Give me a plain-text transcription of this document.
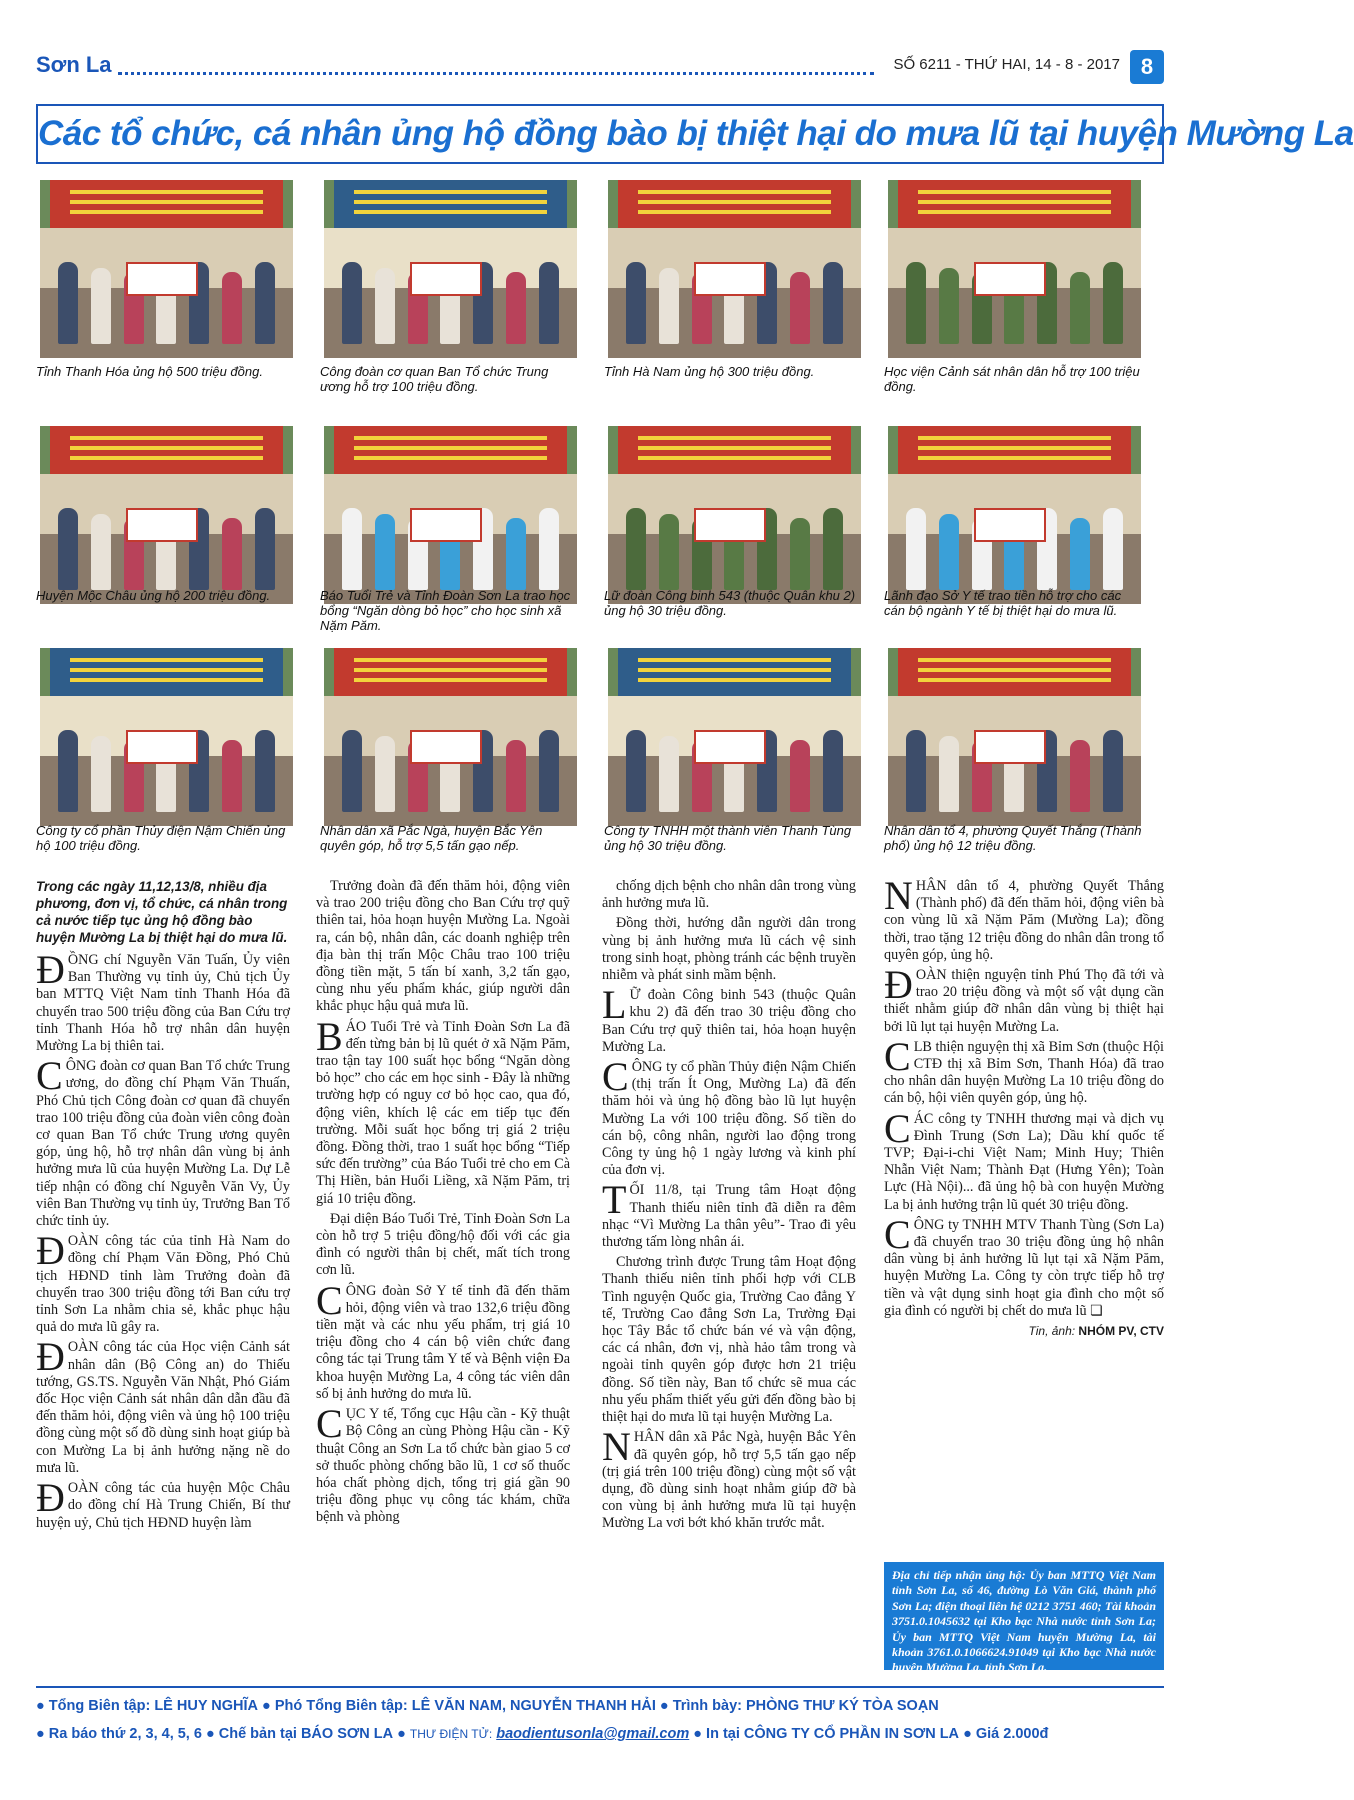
Sơn La	SỐ 6211 - THỨ HAI, 14 - 8 - 2017 8
Các tổ chức, cá nhân ủng hộ đồng bào bị thiệt hại do mưa lũ tại huyện Mường La
Tỉnh Thanh Hóa ủng hộ 500 triệu đồng.	Công đoàn cơ quan Ban Tổ chức Trung ương hỗ trợ 100 triệu đồng.
Tỉnh Hà Nam ủng hộ 300 triệu đồng.	Học viện Cảnh sát nhân dân hỗ trợ 100 triệu đồng.
Huyện Mộc Châu ủng hộ 200 triệu đồng.	Báo Tuổi Trẻ và Tỉnh Đoàn Sơn La trao học bổng “Ngăn dòng bỏ học” cho học sinh xã Nặm Păm.
Lữ đoàn Công binh 543 (thuộc Quân khu 2) ủng hộ 30 triệu đồng.
Lãnh đạo Sở Y tế trao tiền hỗ trợ cho các cán bộ ngành Y tế bị thiệt hại do mưa lũ.
Công ty cổ phần Thủy điện Nậm Chiến ủng hộ 100 triệu đồng.
Nhân dân xã Pắc Ngà, huyện Bắc Yên quyên góp, hỗ trợ 5,5 tấn gạo nếp.
Công ty TNHH một thành viên Thanh Tùng ủng hộ 30 triệu đồng.
Nhân dân tổ 4, phường Quyết Thắng (Thành phố) ủng hộ 12 triệu đồng.

Trong các ngày 11,12,13/8, nhiều địa phương, đơn vị, tổ chức, cá nhân trong cả nước tiếp tục ủng hộ đồng bào huyện Mường La bị thiệt hại do mưa lũ.

ĐỒNG chí Nguyễn Văn Tuấn, Ủy viên Ban Thường vụ tỉnh ủy, Chủ tịch Ủy ban MTTQ Việt Nam tỉnh Thanh Hóa đã chuyển trao 500 triệu đồng của Ban Cứu trợ tỉnh Thanh Hóa hỗ trợ nhân dân huyện Mường La bị thiên tai.

CÔNG đoàn cơ quan Ban Tổ chức Trung ương, do đồng chí Phạm Văn Thuấn, Phó Chủ tịch Công đoàn cơ quan đã chuyển trao 100 triệu đồng của đoàn viên công đoàn cơ quan Ban Tổ chức Trung ương quyên góp, ủng hộ, hỗ trợ nhân dân vùng bị ảnh hưởng mưa lũ của huyện Mường La. Dự Lễ tiếp nhận có đồng chí Nguyễn Văn Vy, Ủy viên Ban Thường vụ tỉnh ủy, Trưởng Ban Tổ chức tỉnh ủy.

ĐOÀN công tác của tỉnh Hà Nam do đồng chí Phạm Văn Đồng, Phó Chủ tịch HĐND tỉnh làm Trưởng đoàn đã chuyển trao 300 triệu đồng tới Ban cứu trợ tỉnh Sơn La nhằm chia sẻ, khắc phục hậu quả do mưa lũ gây ra.

ĐOÀN công tác của Học viện Cảnh sát nhân dân (Bộ Công an) do Thiếu tướng, GS.TS. Nguyễn Văn Nhật, Phó Giám đốc Học viện Cảnh sát nhân dân dẫn đầu đã đến thăm hỏi, động viên và ủng hộ 100 triệu đồng cùng một số đồ dùng sinh hoạt giúp bà con Mường La bị ảnh hưởng nặng nề do mưa lũ.

ĐOÀN công tác của huyện Mộc Châu do đồng chí Hà Trung Chiến, Bí thư huyện uỷ, Chủ tịch HĐND huyện làm

Trưởng đoàn đã đến thăm hỏi, động viên và trao 200 triệu đồng cho Ban Cứu trợ quỹ thiên tai, hỏa hoạn huyện Mường La. Ngoài ra, cán bộ, nhân dân, các doanh nghiệp trên địa bàn thị trấn Mộc Châu trao 100 triệu đồng tiền mặt, 5 tấn bí xanh, 3,2 tấn gạo, cùng nhu yếu phẩm khác, giúp người dân khắc phục hậu quả mưa lũ.

BÁO Tuổi Trẻ và Tỉnh Đoàn Sơn La đã đến từng bản bị lũ quét ở xã Nặm Păm, trao tận tay 100 suất học bổng “Ngăn dòng bỏ học” cho các em học sinh - Đây là những trường hợp có nguy cơ bỏ học cao, qua đó, động viên, khích lệ các em tiếp tục đến trường. Mỗi suất học bổng trị giá 2 triệu đồng. Đồng thời, trao 1 suất học bổng “Tiếp sức đến trường” của Báo Tuổi trẻ cho em Cà Thị Hiền, bản Huổi Liềng, xã Nặm Păm, trị giá 10 triệu đồng.

Đại diện Báo Tuổi Trẻ, Tỉnh Đoàn Sơn La còn hỗ trợ 5 triệu đồng/hộ đối với các gia đình có người thân bị chết, mất tích trong cơn lũ.

CÔNG đoàn Sở Y tế tỉnh đã đến thăm hỏi, động viên và trao 132,6 triệu đồng tiền mặt và các nhu yếu phẩm, trị giá 10 triệu đồng cho 4 cán bộ viên chức đang công tác tại Trung tâm Y tế và Bệnh viện Đa khoa huyện Mường La, 4 công tác viên dân số bị ảnh hưởng do mưa lũ.

CỤC Y tế, Tổng cục Hậu cần - Kỹ thuật Bộ Công an cùng Phòng Hậu cần - Kỹ thuật Công an Sơn La tổ chức bàn giao 5 cơ sở thuốc phòng chống bão lũ, 1 cơ số thuốc hóa chất phòng dịch, tổng trị giá gần 90 triệu đồng phục vụ công tác khám, chữa bệnh và phòng

chống dịch bệnh cho nhân dân trong vùng ảnh hưởng mưa lũ.

Đồng thời, hướng dẫn người dân trong vùng bị ảnh hưởng mưa lũ cách vệ sinh trong sinh hoạt, phòng tránh các bệnh truyền nhiễm và phát sinh mầm bệnh.

LỮ đoàn Công binh 543 (thuộc Quân khu 2) đã đến trao 30 triệu đồng cho Ban Cứu trợ quỹ thiên tai, hỏa hoạn huyện Mường La.

CÔNG ty cổ phần Thủy điện Nậm Chiến (thị trấn Ít Ong, Mường La) đã đến thăm hỏi và ủng hộ đồng bào lũ lụt huyện Mường La với 100 triệu đồng. Số tiền do cán bộ, công nhân, người lao động trong Công ty ủng hộ 1 ngày lương và kinh phí của đơn vị.

TỐI 11/8, tại Trung tâm Hoạt động Thanh thiếu niên tỉnh đã diễn ra đêm nhạc “Vì Mường La thân yêu”- Trao đi yêu thương tấm lòng nhân ái.

Chương trình được Trung tâm Hoạt động Thanh thiếu niên tỉnh phối hợp với CLB Tình nguyện Quốc gia, Trường Cao đẳng Y tế, Trường Cao đẳng Sơn La, Trường Đại học Tây Bắc tổ chức bán vé và vận động, các cá nhân, đơn vị, nhà hảo tâm trong và ngoài tỉnh quyên góp được hơn 21 triệu đồng. Số tiền này, Ban tổ chức sẽ mua các nhu yếu phẩm thiết yếu gửi đến đồng bào bị thiệt hại do mưa lũ tại huyện Mường La.

NHÂN dân xã Pắc Ngà, huyện Bắc Yên đã quyên góp, hỗ trợ 5,5 tấn gạo nếp (trị giá trên 100 triệu đồng) cùng một số vật dụng, đồ dùng sinh hoạt nhằm giúp đỡ bà con vùng bị ảnh hưởng mưa lũ tại huyện Mường La vơi bớt khó khăn trước mắt.

NHÂN dân tổ 4, phường Quyết Thắng (Thành phố) đã đến thăm hỏi, động viên bà con vùng lũ xã Nặm Păm (Mường La); đồng thời, trao tặng 12 triệu đồng do nhân dân trong tổ quyên góp, ủng hộ.

ĐOÀN thiện nguyện tỉnh Phú Thọ đã tới và trao 20 triệu đồng và một số vật dụng cần thiết nhằm giúp đỡ nhân dân vùng bị thiệt hại bởi lũ lụt tại huyện Mường La.

CLB thiện nguyện thị xã Bỉm Sơn (thuộc Hội CTĐ thị xã Bỉm Sơn, Thanh Hóa) đã trao cho nhân dân huyện Mường La 10 triệu đồng do cán bộ, hội viên quyên góp, ủng hộ.

CÁC công ty TNHH thương mại và dịch vụ Đình Trung (Sơn La); Dầu khí quốc tế TVP; Đại-i-chi Việt Nam; Minh Huy; Thiên Nhẫn Việt Nam; Thành Đạt (Hưng Yên); Toàn Lực (Hà Nội)... đã ủng hộ bà con huyện Mường La bị ảnh hưởng trận lũ quét 30 triệu đồng.

CÔNG ty TNHH MTV Thanh Tùng (Sơn La) đã chuyển trao 30 triệu đồng ủng hộ nhân dân vùng bị ảnh hưởng lũ lụt tại xã Nặm Păm, huyện Mường La. Công ty còn trực tiếp hỗ trợ tiền và vật dụng sinh hoạt gia đình cho một số gia đình có người bị chết do mưa lũ ❏

Tin, ảnh: NHÓM PV, CTV
Địa chỉ tiếp nhận ủng hộ: Ủy ban MTTQ Việt Nam tỉnh Sơn La, số 46, đường Lò Văn Giá, thành phố Sơn La; điện thoại liên hệ 0212 3751 460; Tài khoản 3751.0.1045632 tại Kho bạc Nhà nước tỉnh Sơn La; Ủy ban MTTQ Việt Nam huyện Mường La, tài khoản 3761.0.1066624.91049 tại Kho bạc Nhà nước huyện Mường La, tỉnh Sơn La.
● Tổng Biên tập: LÊ HUY NGHĨA ● Phó Tổng Biên tập: LÊ VĂN NAM, NGUYỄN THANH HẢI ● Trình bày: PHÒNG THƯ KÝ TÒA SOẠN
● Ra báo thứ 2, 3, 4, 5, 6 ● Chế bản tại BÁO SƠN LA ● THƯ ĐIỆN TỬ: baodientusonla@gmail.com ● In tại CÔNG TY CỔ PHẦN IN SƠN LA ● Giá 2.000đ
